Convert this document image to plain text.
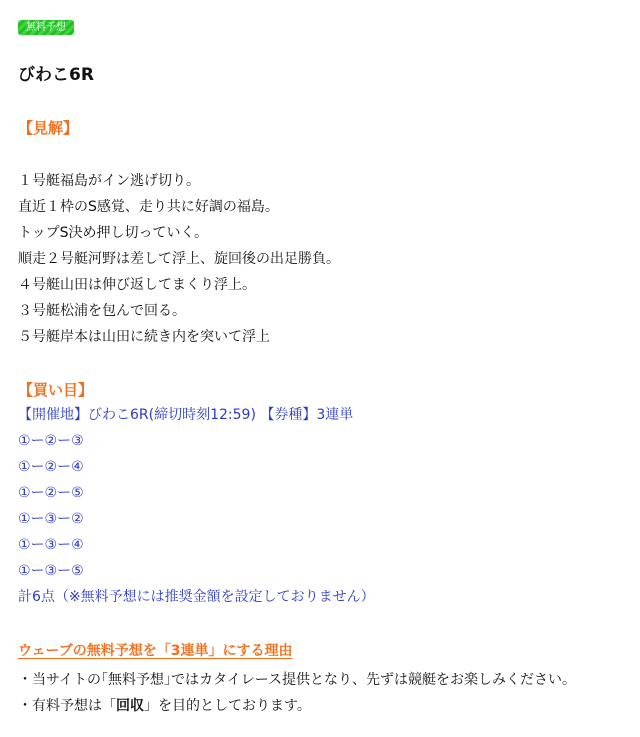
無料予想
びわこ6R
【見解】
１号艇福島がイン逃げ切り。
直近１枠のS感覚、走り共に好調の福島。
トップS決め押し切っていく。
順走２号艇河野は差して浮上、旋回後の出足勝負。
４号艇山田は伸び返してまくり浮上。
３号艇松浦を包んで回る。
５号艇岸本は山田に続き内を突いて浮上
【買い目】
【開催地】びわこ6R(締切時刻12:59) 【券種】3連単
①ー②ー③
①ー②ー④
①ー②ー⑤
①ー③ー②
①ー③ー④
①ー③ー⑤
計6点（※無料予想には推奨金額を設定しておりません）
ウェーブの無料予想を「3連単」にする理由
・当サイトの｢無料予想｣ではカタイレース提供となり、先ずは競艇をお楽しみください。
・有料予想は「回収」を目的としております。
